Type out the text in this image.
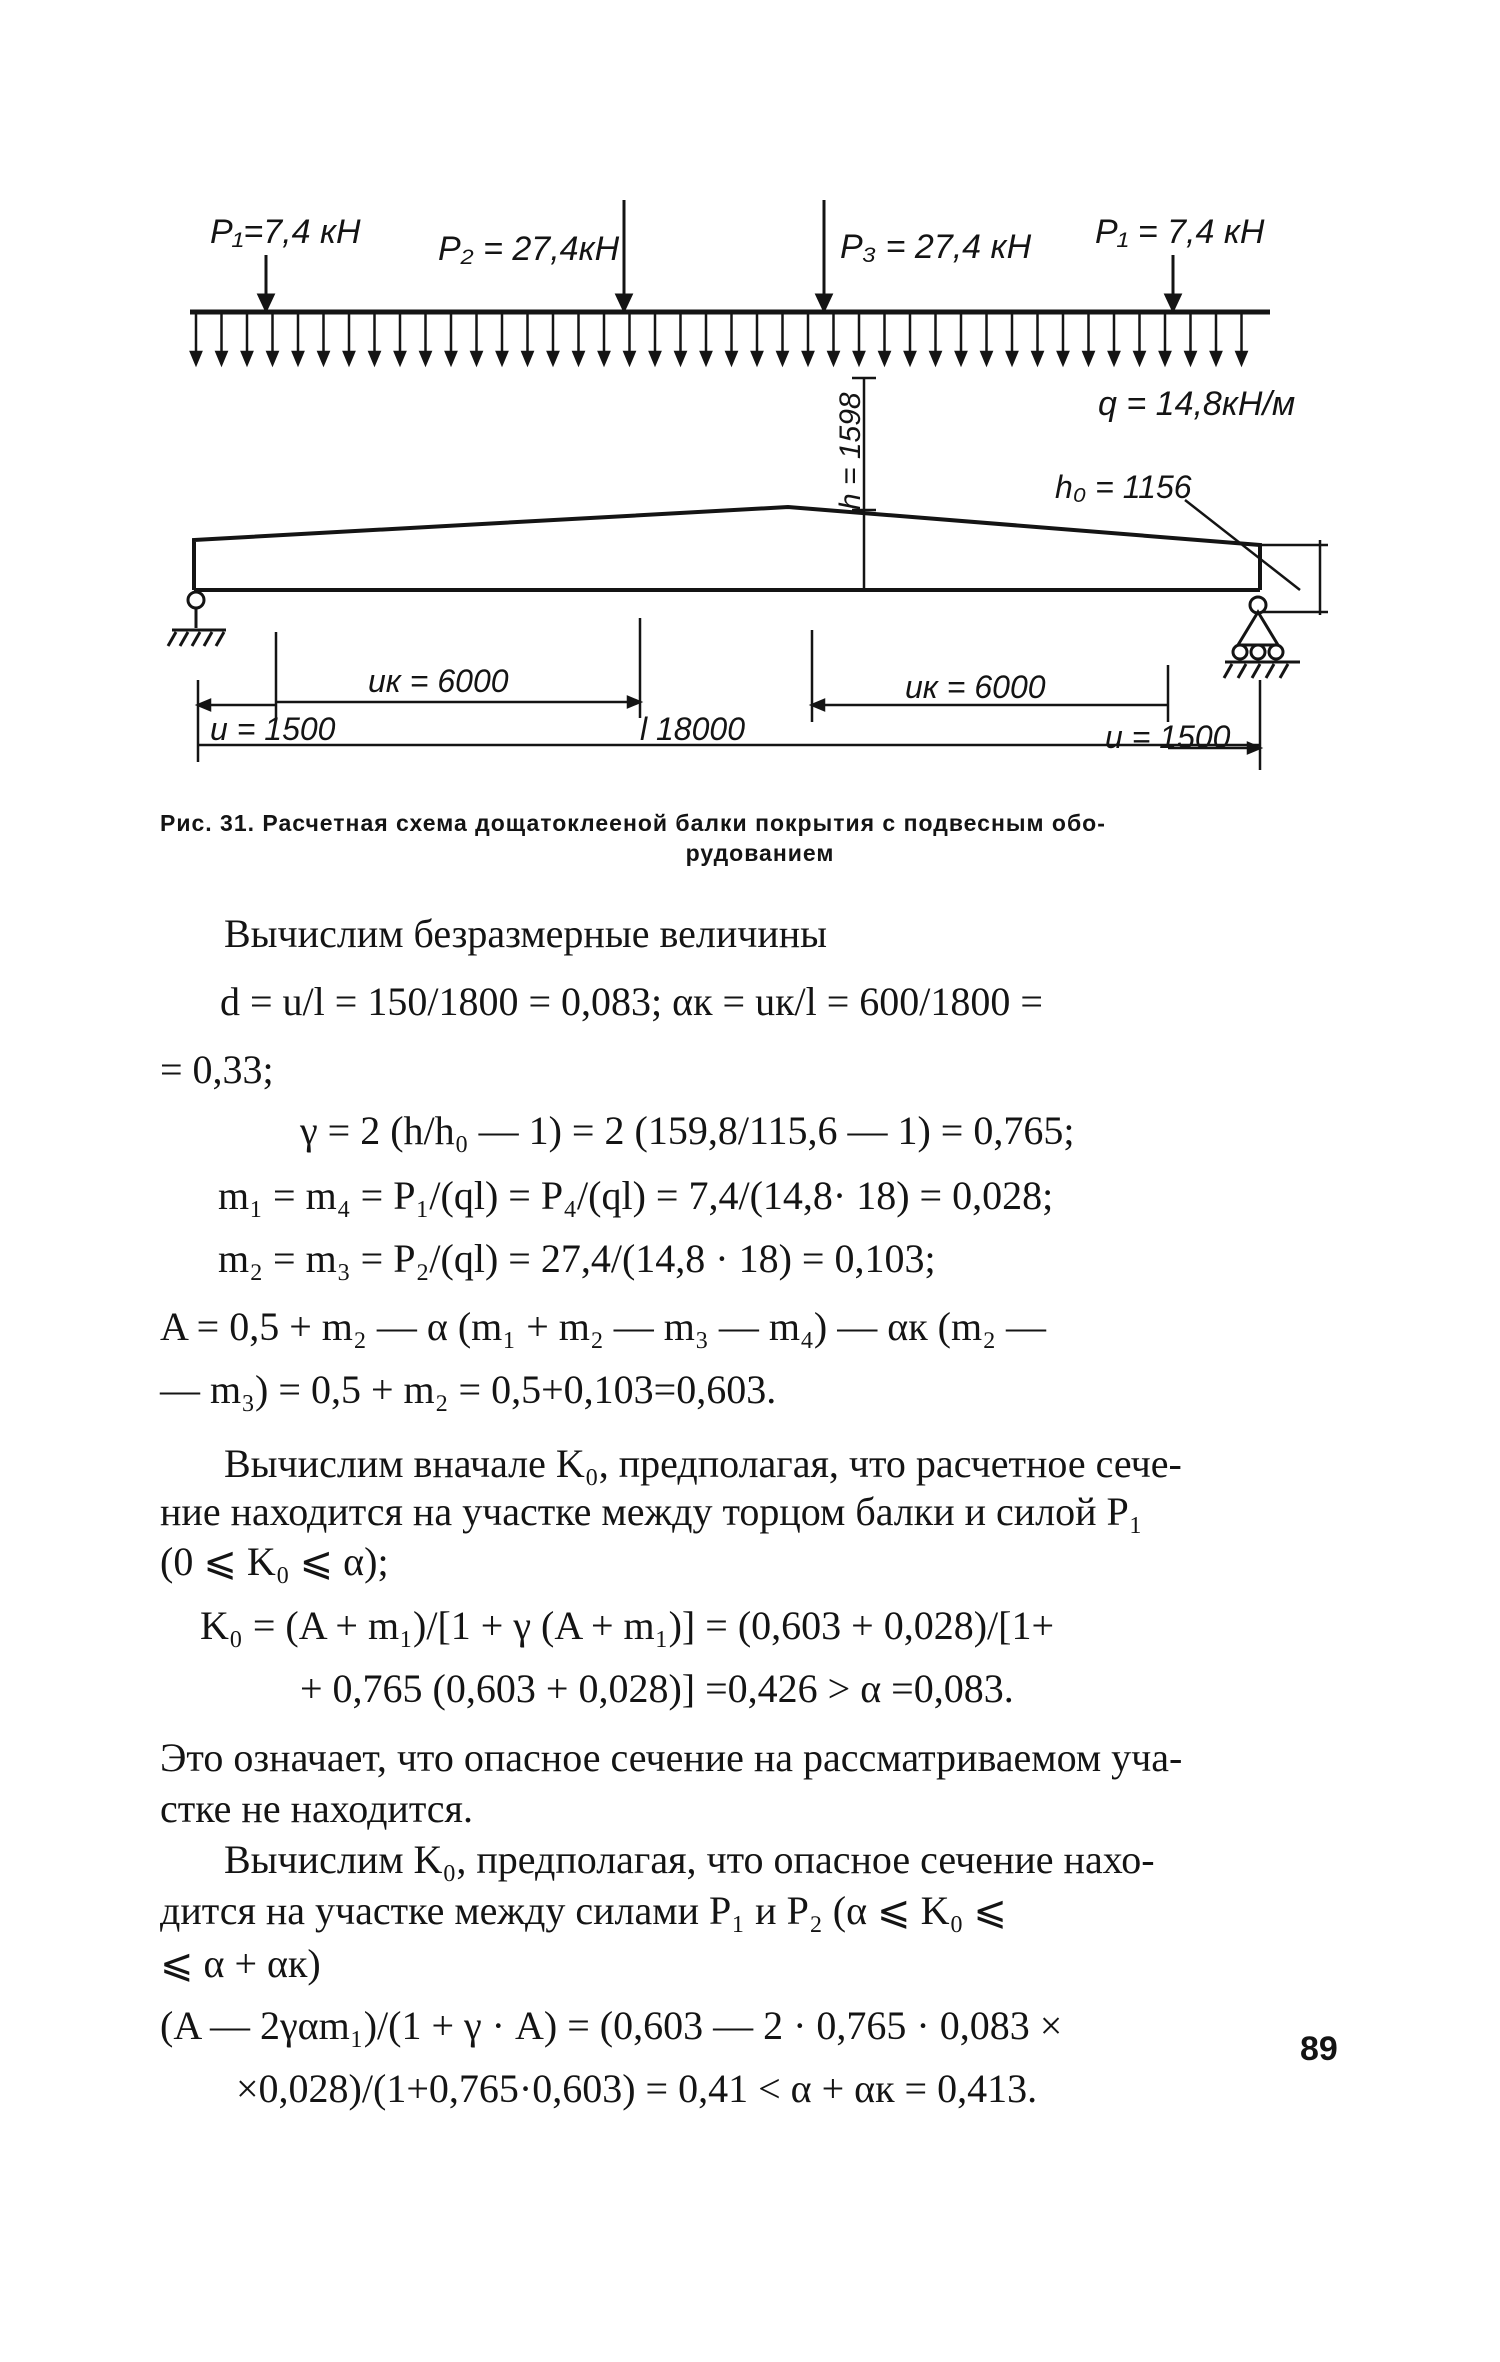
P₁=7,4 кН P₂ = 27,4кН	P₃ = 27,4 кН P₁ = 7,4 кН
q = 14,8кН/м
h = 1598	h₀ = 1156
uк = 6000	uк = 6000
u = 1500	l 18000	u = 1500
Рис. 31. Расчетная схема дощатоклееной балки покрытия с подвесным обо-

рудованием
Вычислим безразмерные величины
d = u/l = 150/1800 = 0,083; αк = uк/l = 600/1800 =
= 0,33;
γ = 2 (h/h₀ — 1) = 2 (159,8/115,6 — 1) = 0,765;
m₁ = m₄ = P₁/(ql) = P₄/(ql) = 7,4/(14,8· 18) = 0,028;
m₂ = m₃ = P₂/(ql) = 27,4/(14,8 · 18) = 0,103;
A = 0,5 + m₂ — α (m₁ + m₂ — m₃ — m₄) — αк (m₂ —
— m₃) = 0,5 + m₂ = 0,5+0,103=0,603.
Вычислим вначале K₀, предполагая, что расчетное сече-
ние находится на участке между торцом балки и силой P₁
(0 ⩽ K₀ ⩽ α);
K₀ = (A + m₁)/[1 + γ (A + m₁)] = (0,603 + 0,028)/[1+
+ 0,765 (0,603 + 0,028)] =0,426 > α =0,083.
Это означает, что опасное сечение на рассматриваемом уча-
стке не находится.
Вычислим K₀, предполагая, что опасное сечение нахо-
дится на участке между силами P₁ и P₂ (α ⩽ K₀ ⩽
⩽ α + αк)
(A — 2γαm₁)/(1 + γ · A) = (0,603 — 2 · 0,765 · 0,083 ×
×0,028)/(1+0,765·0,603) = 0,41 < α + αк = 0,413.
89
